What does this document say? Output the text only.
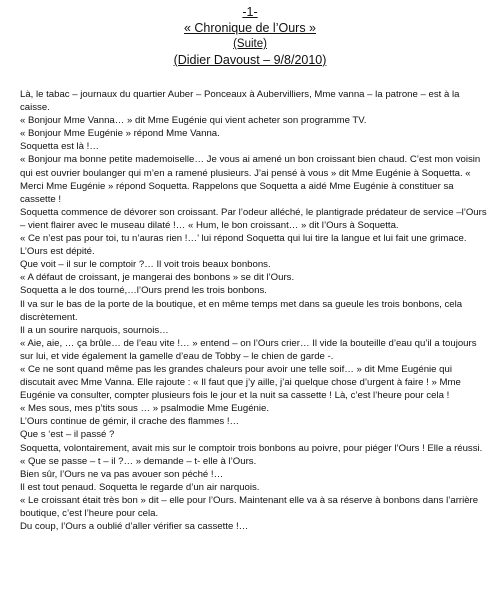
-1-
« Chronique de l’Ours »
(Suite)
(Didier Davoust – 9/8/2010)

Là, le tabac – journaux du quartier Auber – Ponceaux à Aubervilliers, Mme vanna – la patrone – est à la caisse.

« Bonjour Mme Vanna… » dit Mme Eugénie qui vient acheter son programme TV.

« Bonjour Mme Eugénie » répond Mme Vanna.

Soquetta est là !…

« Bonjour ma bonne petite mademoiselle… Je vous ai amené un bon croissant bien chaud. C’est mon voisin qui est ouvrier boulanger qui m’en a ramené plusieurs. J’ai pensé à vous » dit Mme Eugénie à Soquetta. « Merci Mme Eugénie » répond Soquetta. Rappelons que Soquetta a aidé Mme Eugénie à constituer sa cassette !

Soquetta commence de dévorer son croissant. Par l’odeur alléché, le plantigrade prédateur de service –l’Ours – vient flairer avec le museau dilaté !… « Hum, le bon croissant… » dit l’Ours à Soquetta.

« Ce n’est pas pour toi, tu n’auras rien !…’ lui répond Soquetta qui lui tire la langue et lui fait une grimace.

L’Ours est dépité.

Que voit – il sur le comptoir ?… Il voit trois beaux bonbons.

« A défaut de croissant, je mangerai des bonbons » se dit l’Ours.

Soquetta a le dos tourné,…l’Ours prend les trois bonbons.

Il va sur le bas de la porte de la boutique, et en même temps met dans sa gueule les trois bonbons, cela discrètement.

Il a un sourire narquois, sournois…

« Aie, aie, … ça brûle… de l’eau vite !… » entend – on l’Ours crier… Il vide la bouteille d’eau qu’il a toujours sur lui, et vide également la gamelle d’eau de Tobby – le chien de garde -.

« Ce ne sont quand même pas les grandes chaleurs pour avoir une telle soif… » dit Mme Eugénie qui discutait avec Mme Vanna. Elle rajoute : « Il faut que j’y aille, j’ai quelque chose d’urgent à faire ! » Mme Eugénie va consulter, compter plusieurs fois le jour et la nuit sa cassette ! Là, c’est l’heure pour cela !

« Mes sous, mes p’tits sous … » psalmodie Mme Eugénie.

L’Ours continue de gémir, il crache des flammes !…

Que s ‘est – il passé ?

Soquetta, volontairement, avait mis sur le comptoir trois bonbons au poivre, pour piéger l’Ours ! Elle a réussi. « Que se passe – t – il ?… » demande – t- elle à l’Ours.

Bien sûr, l’Ours ne va pas avouer son péché !…

Il est tout penaud. Soquetta le regarde d’un air narquois.

« Le croissant était très bon » dit – elle pour l’Ours. Maintenant elle va à sa réserve à bonbons dans l’arrière boutique, c’est l’heure pour cela.

Du coup, l’Ours a oublié d’aller vérifier sa cassette !…
